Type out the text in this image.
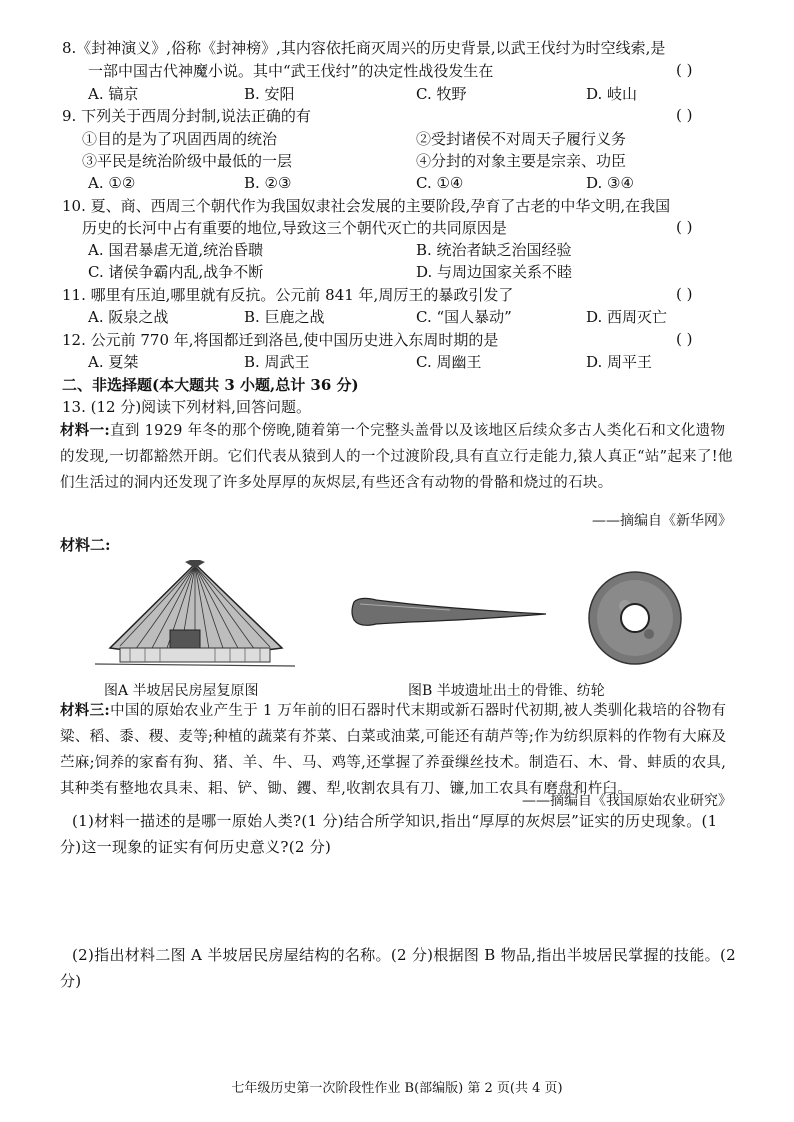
8.《封神演义》,俗称《封神榜》,其内容依托商灭周兴的历史背景,以武王伐纣为时空线索,是
一部中国古代神魔小说。其中“武王伐纣”的决定性战役发生在	( )
A. 镐京	B. 安阳	C. 牧野	D. 岐山
9. 下列关于西周分封制,说法正确的有	( )
①目的是为了巩固西周的统治	②受封诸侯不对周天子履行义务
③平民是统治阶级中最低的一层	④分封的对象主要是宗亲、功臣
A. ①②	B. ②③	C. ①④	D. ③④
10. 夏、商、西周三个朝代作为我国奴隶社会发展的主要阶段,孕育了古老的中华文明,在我国
历史的长河中占有重要的地位,导致这三个朝代灭亡的共同原因是	( )
A. 国君暴虐无道,统治昏聩	B. 统治者缺乏治国经验
C. 诸侯争霸内乱,战争不断	D. 与周边国家关系不睦
11. 哪里有压迫,哪里就有反抗。公元前 841 年,周厉王的暴政引发了	( )
A. 阪泉之战	B. 巨鹿之战	C. “国人暴动”	D. 西周灭亡
12. 公元前 770 年,将国都迁到洛邑,使中国历史进入东周时期的是	( )
A. 夏桀	B. 周武王	C. 周幽王	D. 周平王
二、非选择题(本大题共 3 小题,总计 36 分)
13. (12 分)阅读下列材料,回答问题。
材料一:直到 1929 年冬的那个傍晚,随着第一个完整头盖骨以及该地区后续众多古人类化石和文化遗物的发现,一切都豁然开朗。它们代表从猿到人的一个过渡阶段,具有直立行走能力,猿人真正“站”起来了!他们生活过的洞内还发现了许多处厚厚的灰烬层,有些还含有动物的骨骼和烧过的石块。
——摘编自《新华网》
材料二:
图A 半坡居民房屋复原图	图B 半坡遗址出土的骨锥、纺轮
材料三:中国的原始农业产生于 1 万年前的旧石器时代末期或新石器时代初期,被人类驯化栽培的谷物有粱、稻、黍、稷、麦等;种植的蔬菜有芥菜、白菜或油菜,可能还有葫芦等;作为纺织原料的作物有大麻及苎麻;饲养的家畜有狗、猪、羊、牛、马、鸡等,还掌握了养蚕缫丝技术。制造石、木、骨、蚌质的农具,其种类有整地农具耒、耜、铲、锄、钁、犁,收割农具有刀、镰,加工农具有磨盘和杵臼。
——摘编自《我国原始农业研究》
(1)材料一描述的是哪一原始人类?(1 分)结合所学知识,指出“厚厚的灰烬层”证实的历史现象。(1 分)这一现象的证实有何历史意义?(2 分)
(2)指出材料二图 A 半坡居民房屋结构的名称。(2 分)根据图 B 物品,指出半坡居民掌握的技能。(2 分)
七年级历史第一次阶段性作业 B(部编版) 第 2 页(共 4 页)
